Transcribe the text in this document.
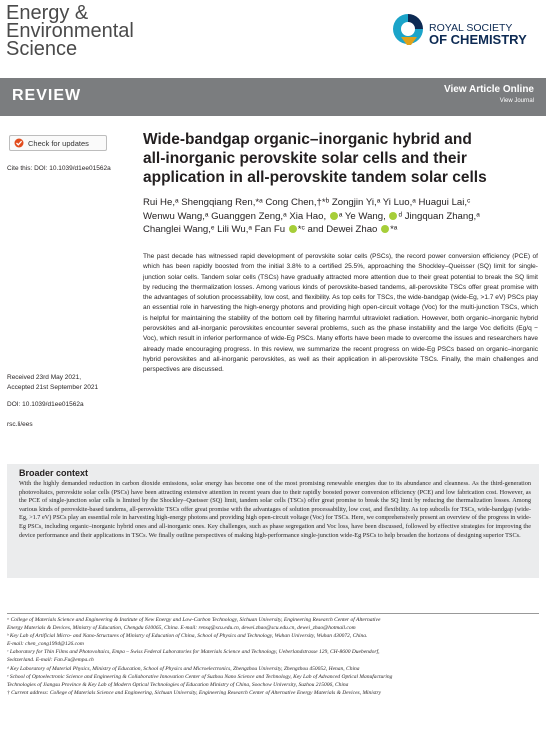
Energy &
Environmental
Science
ROYAL SOCIETY
OF CHEMISTRY
REVIEW	View Article Online
View Journal
Check for updates
Cite this: DOI: 10.1039/d1ee01562a
Wide-bandgap organic–inorganic hybrid and
all-inorganic perovskite solar cells and their
application in all-perovskite tandem solar cells
Rui He,ᵃ Shengqiang Ren,*ᵃ Cong Chen,†*ᵇ Zongjin Yi,ᵃ Yi Luo,ᵃ Huagui Lai,ᶜ
Wenwu Wang,ᵃ Guanggen Zeng,ᵃ Xia Hao, ᵃ Ye Wang, ᵈ Jingquan Zhang,ᵃ
Changlei Wang,ᵉ Lili Wu,ᵃ Fan Fu *ᶜ and Dewei Zhao *ᵃ
The past decade has witnessed rapid development of perovskite solar cells (PSCs), the record power conversion efficiency (PCE) of which has been rapidly boosted from the initial 3.8% to a certified 25.5%, approaching the Shockley–Queisser (SQ) limit for single-junction solar cells. Tandem solar cells (TSCs) have gradually attracted more attention due to their great potential to break the SQ limit by reducing the thermalization losses. Among various kinds of perovskite-based tandems, all-perovskite TSCs offer great promise with the advantages of solution processability, low cost, and flexibility. As top cells for TSCs, the wide-bandgap (wide-Eg, >1.7 eV) PSCs play an essential role in harvesting the high-energy photons and providing high open-circuit voltage (Voc) for the multi-junction TSCs, which is helpful for maintaining the stability of the bottom cell by filtering harmful ultraviolet radiation. However, both organic–inorganic hybrid perovskites and all-inorganic perovskites encounter several problems, such as the phase instability and the large Voc deficits (Eg/q − Voc), which result in inferior performance of wide-Eg PSCs. Many efforts have been made to overcome the issues and researchers have already made encouraging progress. In this review, we summarize the recent progress on wide-Eg PSCs based on organic–inorganic hybrid perovskites and all-inorganic perovskites, as well as their application in all-perovskite TSCs. Finally, the main challenges and perspectives are discussed.
Received 23rd May 2021,
Accepted 21st September 2021
DOI: 10.1039/d1ee01562a
rsc.li/ees
Broader context
With the highly demanded reduction in carbon dioxide emissions, solar energy has become one of the most promising renewable energies due to its abundance and cleanness. As the third-generation photovoltaics, perovskite solar cells (PSCs) have been attracting extensive attention in recent years due to their rapidly boosted power conversion efficiency (PCE) and low fabrication cost. However, as the PCE of single-junction solar cells is limited by the Shockley–Queisser (SQ) limit, tandem solar cells (TSCs) offer great promise to break the SQ limit by reducing the thermalization losses. Among various kinds of perovskite-based tandems, all-perovskite TSCs offer great promise with the advantages of solution processability, low cost, and flexibility. As top subcells for TSCs, wide-bandgap (wide-Eg, >1.7 eV) PSCs play an essential role in harvesting high-energy photons and providing high open-circuit voltage (Voc) for TSCs. Here, we comprehensively present an overview of the progress in wide-Eg PSCs, including organic–inorganic hybrid ones and all-inorganic ones. Key challenges, such as phase segregation and Voc loss, have been discussed, followed by effective strategies for improving the device performance and their applications in TSCs. We finally outline perspectives of making high-performance single-junction wide-Eg PSCs to help broaden the horizons of designing superior TSCs.
ᵃ College of Materials Science and Engineering & Institute of New Energy and Low-Carbon Technology, Sichuan University, Engineering Research Center of Alternative
Energy Materials & Devices, Ministry of Education, Chengdu 610065, China. E-mail: rensq@scu.edu.cn, dewei.zhao@scu.edu.cn, dewei_zhao@hotmail.com
ᵇ Key Lab of Artificial Micro- and Nano-Structures of Ministry of Education of China, School of Physics and Technology, Wuhan University, Wuhan 430072, China.
E-mail: chen_cong1994@126.com
ᶜ Laboratory for Thin Films and Photovoltaics, Empa – Swiss Federal Laboratories for Materials Science and Technology, Ueberlandstrasse 129, CH-8600 Duebendorf,
Switzerland. E-mail: Fan.Fu@empa.ch
ᵈ Key Laboratory of Material Physics, Ministry of Education, School of Physics and Microelectronics, Zhengzhou University, Zhengzhou 450052, Henan, China
ᵉ School of Optoelectronic Science and Engineering & Collaborative Innovation Center of Suzhou Nano Science and Technology, Key Lab of Advanced Optical Manufacturing
Technologies of Jiangsu Province & Key Lab of Modern Optical Technologies of Education Ministry of China, Soochow University, Suzhou 215006, China
† Current address: College of Materials Science and Engineering, Sichuan University, Engineering Research Center of Alternative Energy Materials & Devices, Ministry
